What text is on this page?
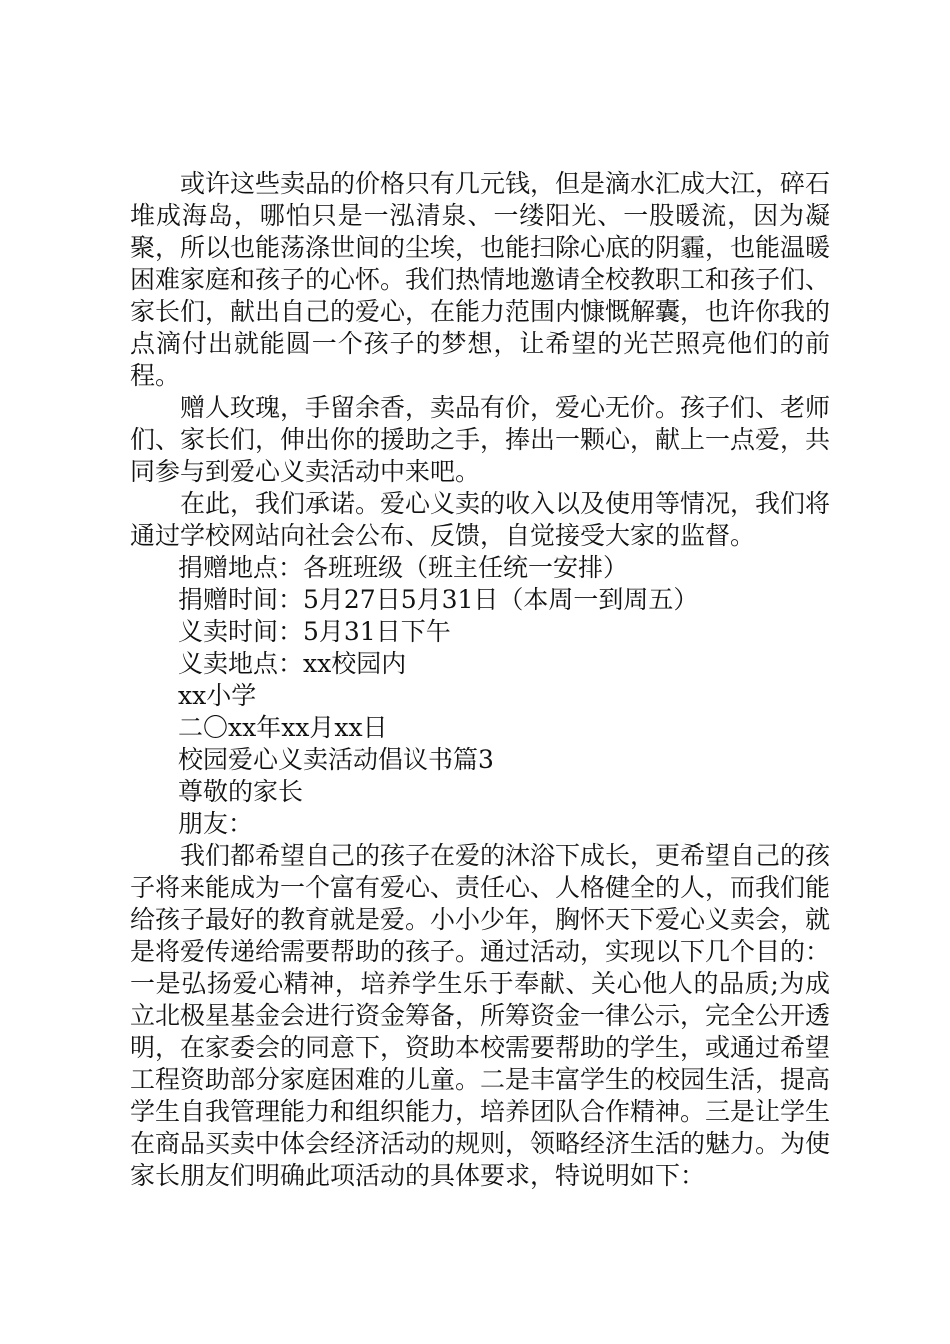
或许这些卖品的价格只有几元钱，但是滴水汇成大江，碎石堆成海岛，哪怕只是一泓清泉、一缕阳光、一股暖流，因为凝聚，所以也能荡涤世间的尘埃，也能扫除心底的阴霾，也能温暖困难家庭和孩子的心怀。我们热情地邀请全校教职工和孩子们、家长们，献出自己的爱心，在能力范围内慷慨解囊，也许你我的点滴付出就能圆一个孩子的梦想，让希望的光芒照亮他们的前程。

赠人玫瑰，手留余香，卖品有价，爱心无价。孩子们、老师们、家长们，伸出你的援助之手，捧出一颗心，献上一点爱，共同参与到爱心义卖活动中来吧。

在此，我们承诺。爱心义卖的收入以及使用等情况，我们将通过学校网站向社会公布、反馈，自觉接受大家的监督。

捐赠地点：各班班级（班主任统一安排）

捐赠时间：5月27日5月31日（本周一到周五）

义卖时间：5月31日下午

义卖地点：xx校园内

xx小学

二〇xx年xx月xx日

校园爱心义卖活动倡议书篇3

尊敬的家长

朋友：

我们都希望自己的孩子在爱的沐浴下成长，更希望自己的孩子将来能成为一个富有爱心、责任心、人格健全的人，而我们能给孩子最好的教育就是爱。小小少年，胸怀天下爱心义卖会，就是将爱传递给需要帮助的孩子。通过活动，实现以下几个目的：一是弘扬爱心精神，培养学生乐于奉献、关心他人的品质;为成立北极星基金会进行资金筹备，所筹资金一律公示，完全公开透明，在家委会的同意下，资助本校需要帮助的学生，或通过希望工程资助部分家庭困难的儿童。二是丰富学生的校园生活，提高学生自我管理能力和组织能力，培养团队合作精神。三是让学生在商品买卖中体会经济活动的规则，领略经济生活的魅力。为使家长朋友们明确此项活动的具体要求，特说明如下：
